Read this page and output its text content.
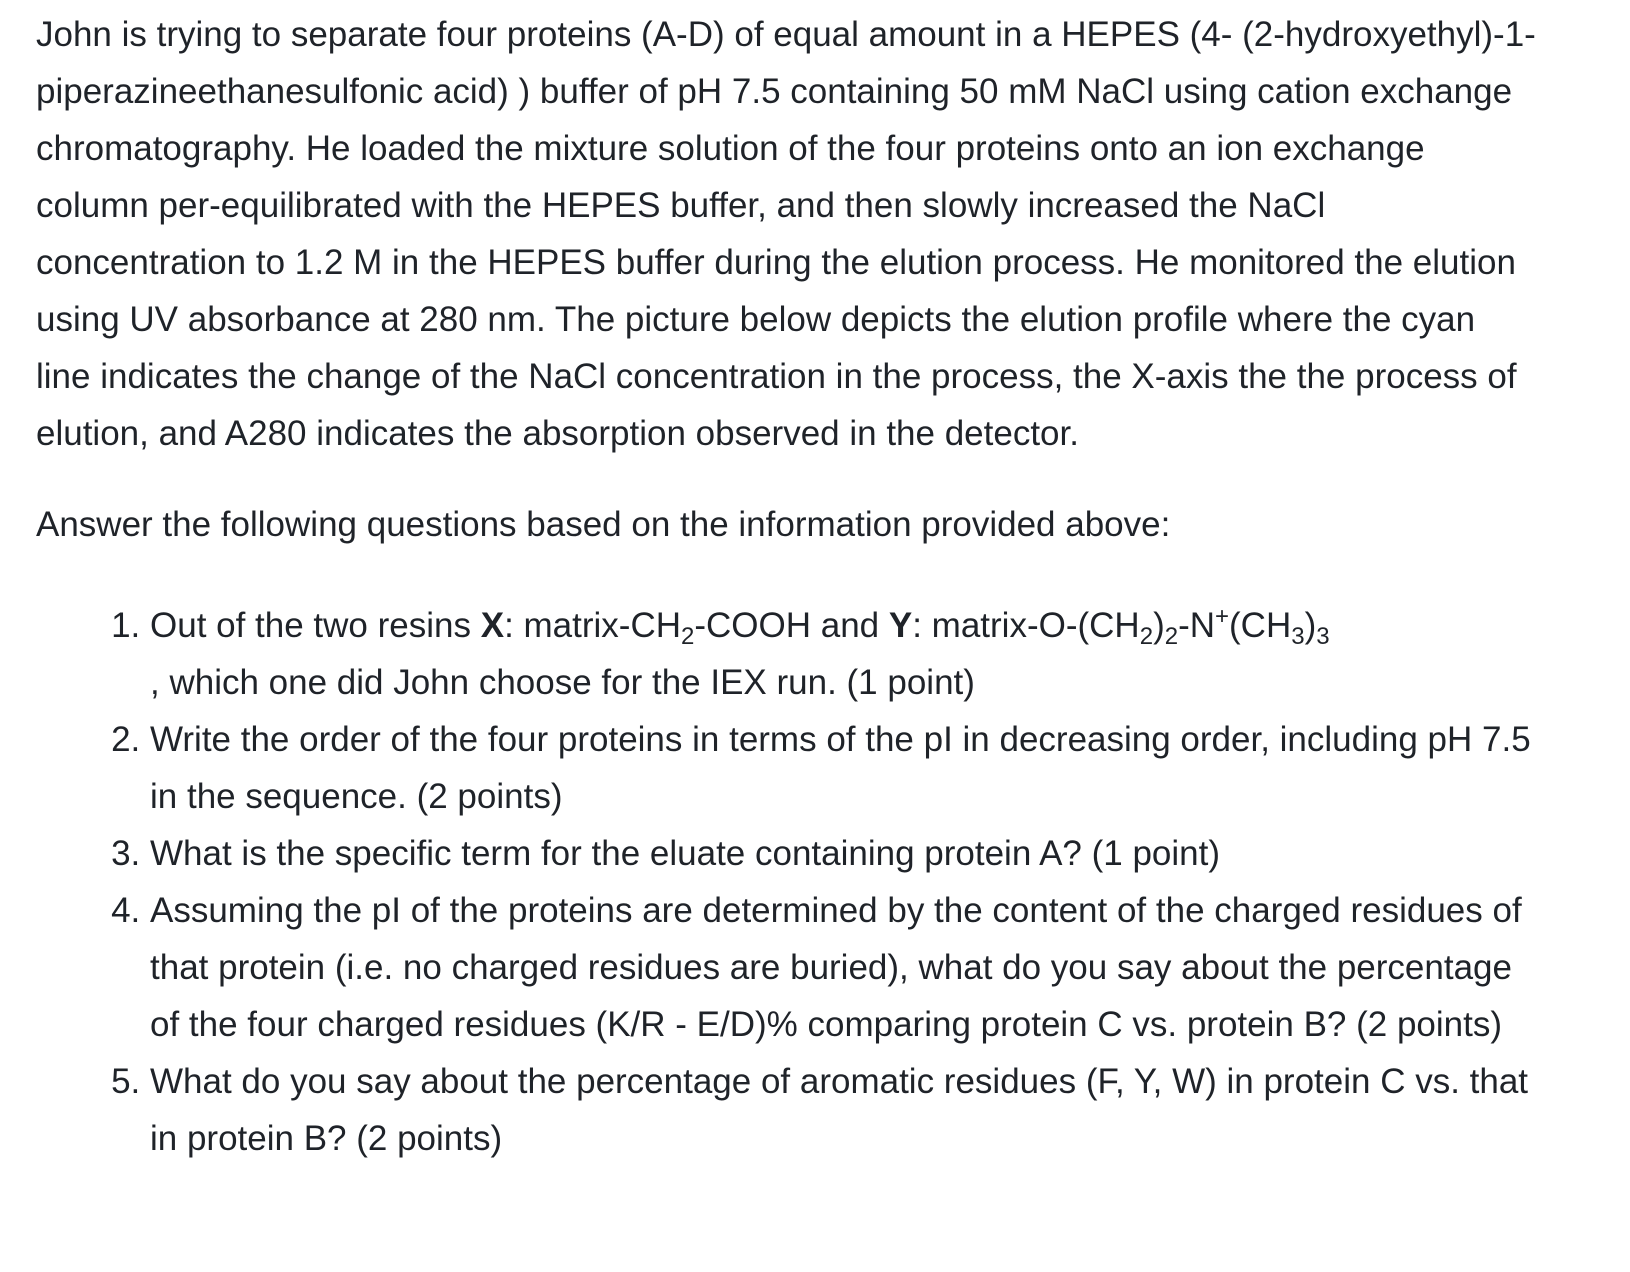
John is trying to separate four proteins (A-D) of equal amount in a HEPES (4- (2-hydroxyethyl)-1-piperazineethanesulfonic acid) ) buffer of pH 7.5 containing 50 mM NaCl using cation exchange chromatography. He loaded the mixture solution of the four proteins onto an ion exchange column per-equilibrated with the HEPES buffer, and then slowly increased the NaCl concentration to 1.2 M in the HEPES buffer during the elution process. He monitored the elution using UV absorbance at 280 nm. The picture below depicts the elution profile where the cyan line indicates the change of the NaCl concentration in the process, the X-axis the the process of elution, and A280 indicates the absorption observed in the detector.

Answer the following questions based on the information provided above:

1. Out of the two resins X: matrix-$CH_2$-COOH and Y: matrix-$O-(CH_2)_2-N^+(CH_3)_3$
, which one did John choose for the IEX run. (1 point)
2. Write the order of the four proteins in terms of the pI in decreasing order, including pH 7.5 in the sequence. (2 points)
3. What is the specific term for the eluate containing protein A? (1 point)
4. Assuming the pI of the proteins are determined by the content of the charged residues of that protein (i.e. no charged residues are buried), what do you say about the percentage of the four charged residues (K/R - E/D)% comparing protein C vs. protein B? (2 points)
5. What do you say about the percentage of aromatic residues (F, Y, W) in protein C vs. that in protein B? (2 points)
